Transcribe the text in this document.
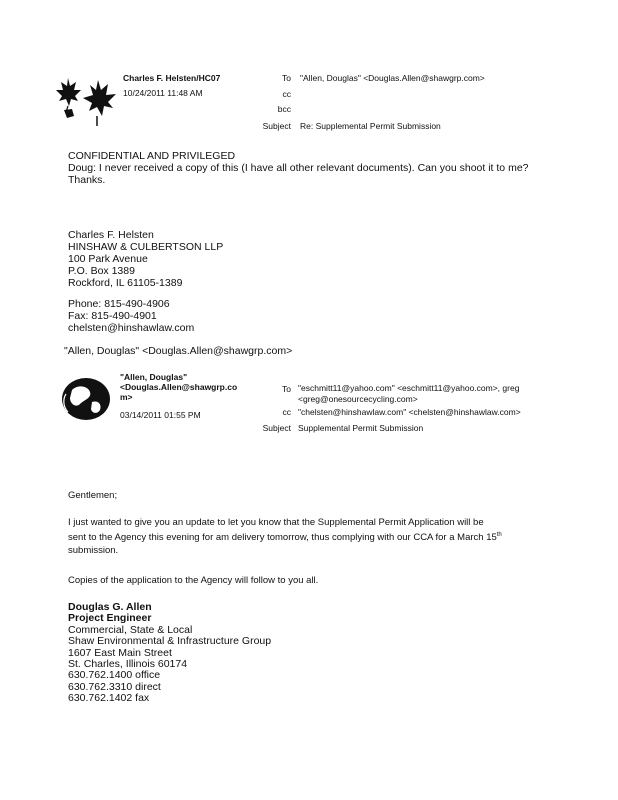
Charles F. Helsten/HC07
10/24/2011 11:48 AM
To "Allen, Douglas" <Douglas.Allen@shawgrp.com>
cc
bcc
Subject Re: Supplemental Permit Submission
CONFIDENTIAL AND PRIVILEGED
Doug: I never received a copy of this (I have all other relevant documents). Can you shoot it to me?
Thanks.
Charles F. Helsten
HINSHAW & CULBERTSON LLP
100 Park Avenue
P.O. Box 1389
Rockford, IL 61105-1389
Phone: 815-490-4906
Fax: 815-490-4901
chelsten@hinshawlaw.com
"Allen, Douglas" <Douglas.Allen@shawgrp.com>
"Allen, Douglas"
<Douglas.Allen@shawgrp.co
m>
03/14/2011 01:55 PM
To "eschmitt11@yahoo.com" <eschmitt11@yahoo.com>, greg
<greg@onesourcecycling.com>
cc "chelsten@hinshawlaw.com" <chelsten@hinshawlaw.com>
Subject Supplemental Permit Submission
Gentlemen;
I just wanted to give you an update to let you know that the Supplemental Permit Application will be
sent to the Agency this evening for am delivery tomorrow, thus complying with our CCA for a March 15th
submission.
Copies of the application to the Agency will follow to you all.
Douglas G. Allen
Project Engineer
Commercial, State & Local
Shaw Environmental & Infrastructure Group
1607 East Main Street
St. Charles, Illinois 60174
630.762.1400 office
630.762.3310 direct
630.762.1402 fax
